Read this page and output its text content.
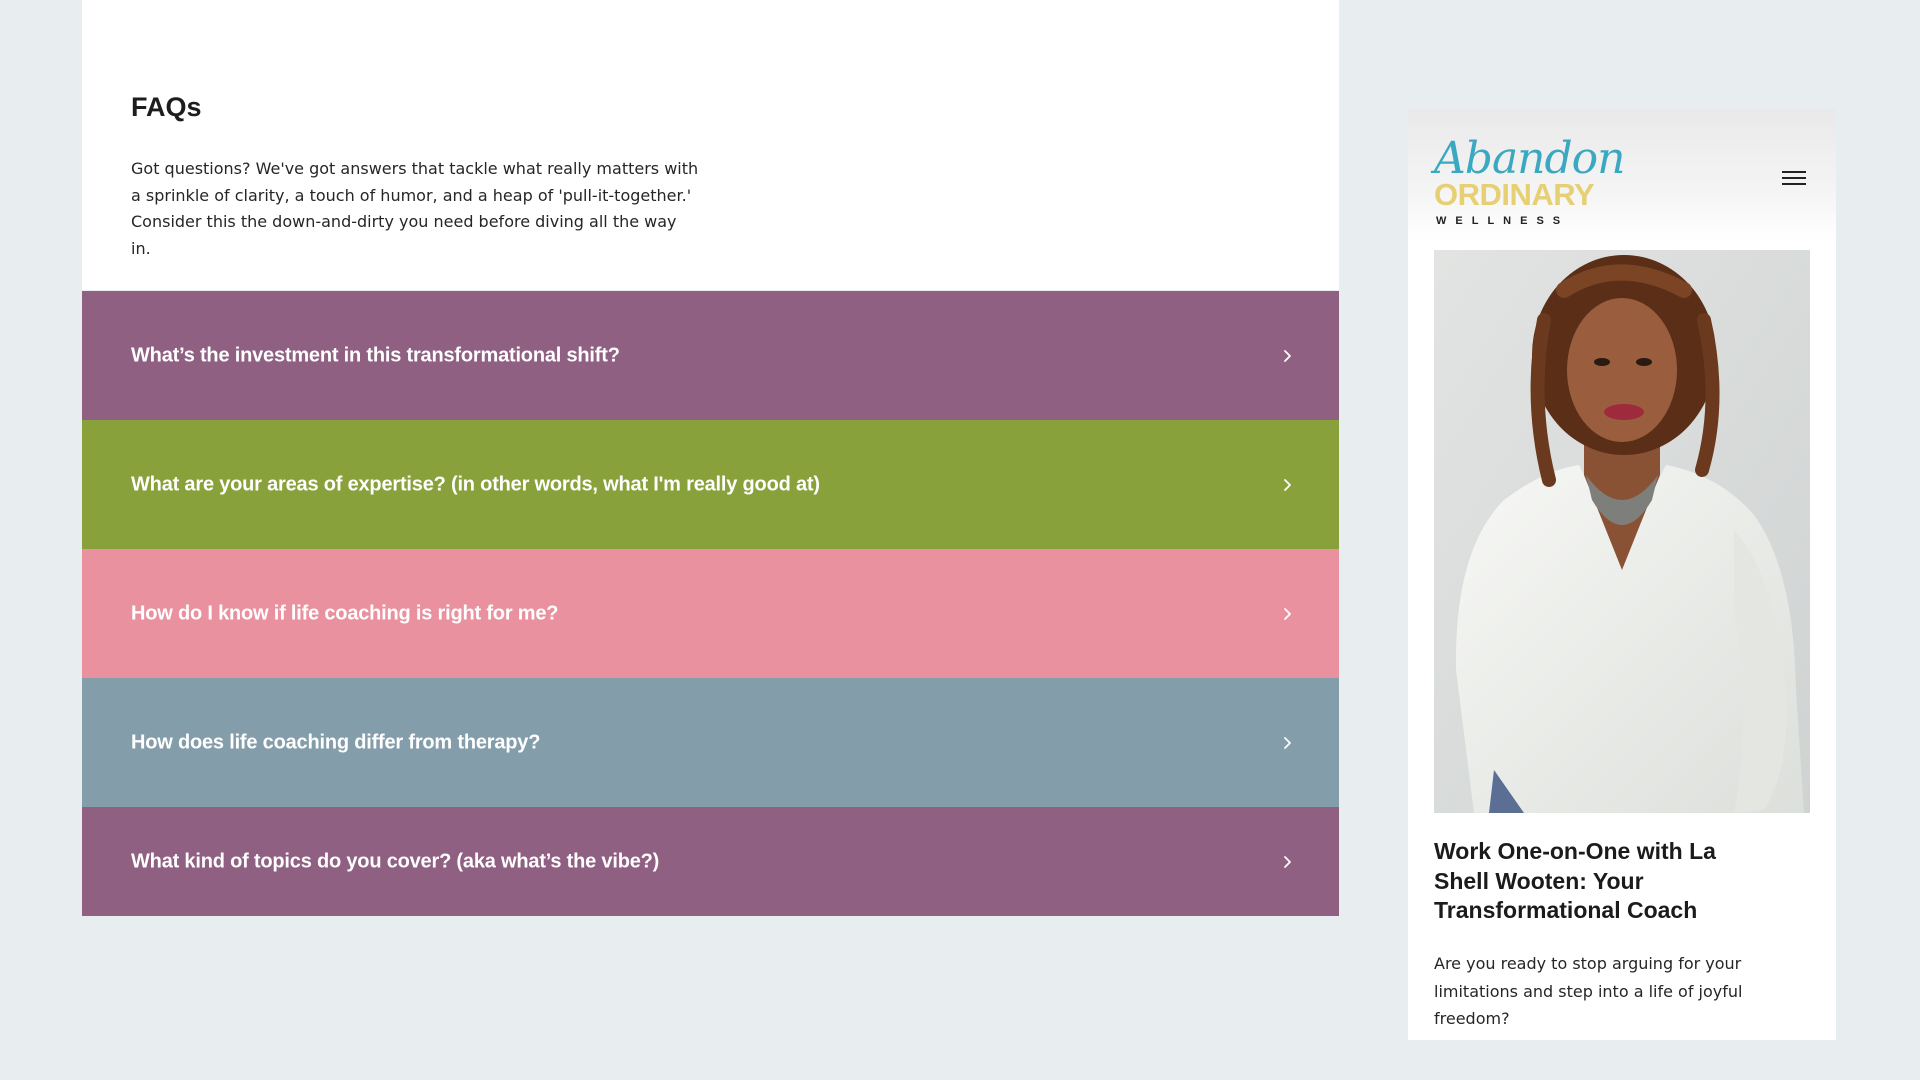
FAQs

Got questions? We've got answers that tackle what really matters with a sprinkle of clarity, a touch of humor, and a heap of 'pull-it-together.' Consider this the down-and-dirty you need before diving all the way in.

What’s the investment in this transformational shift?
What are your areas of expertise? (in other words, what I'm really good at)
How do I know if life coaching is right for me?
How does life coaching differ from therapy?
What kind of topics do you cover? (aka what’s the vibe?)
Abandon
ORDINARY
WELLNESS
Work One-on-One with La Shell Wooten: Your Transformational Coach

Are you ready to stop arguing for your limitations and step into a life of joyful freedom?
